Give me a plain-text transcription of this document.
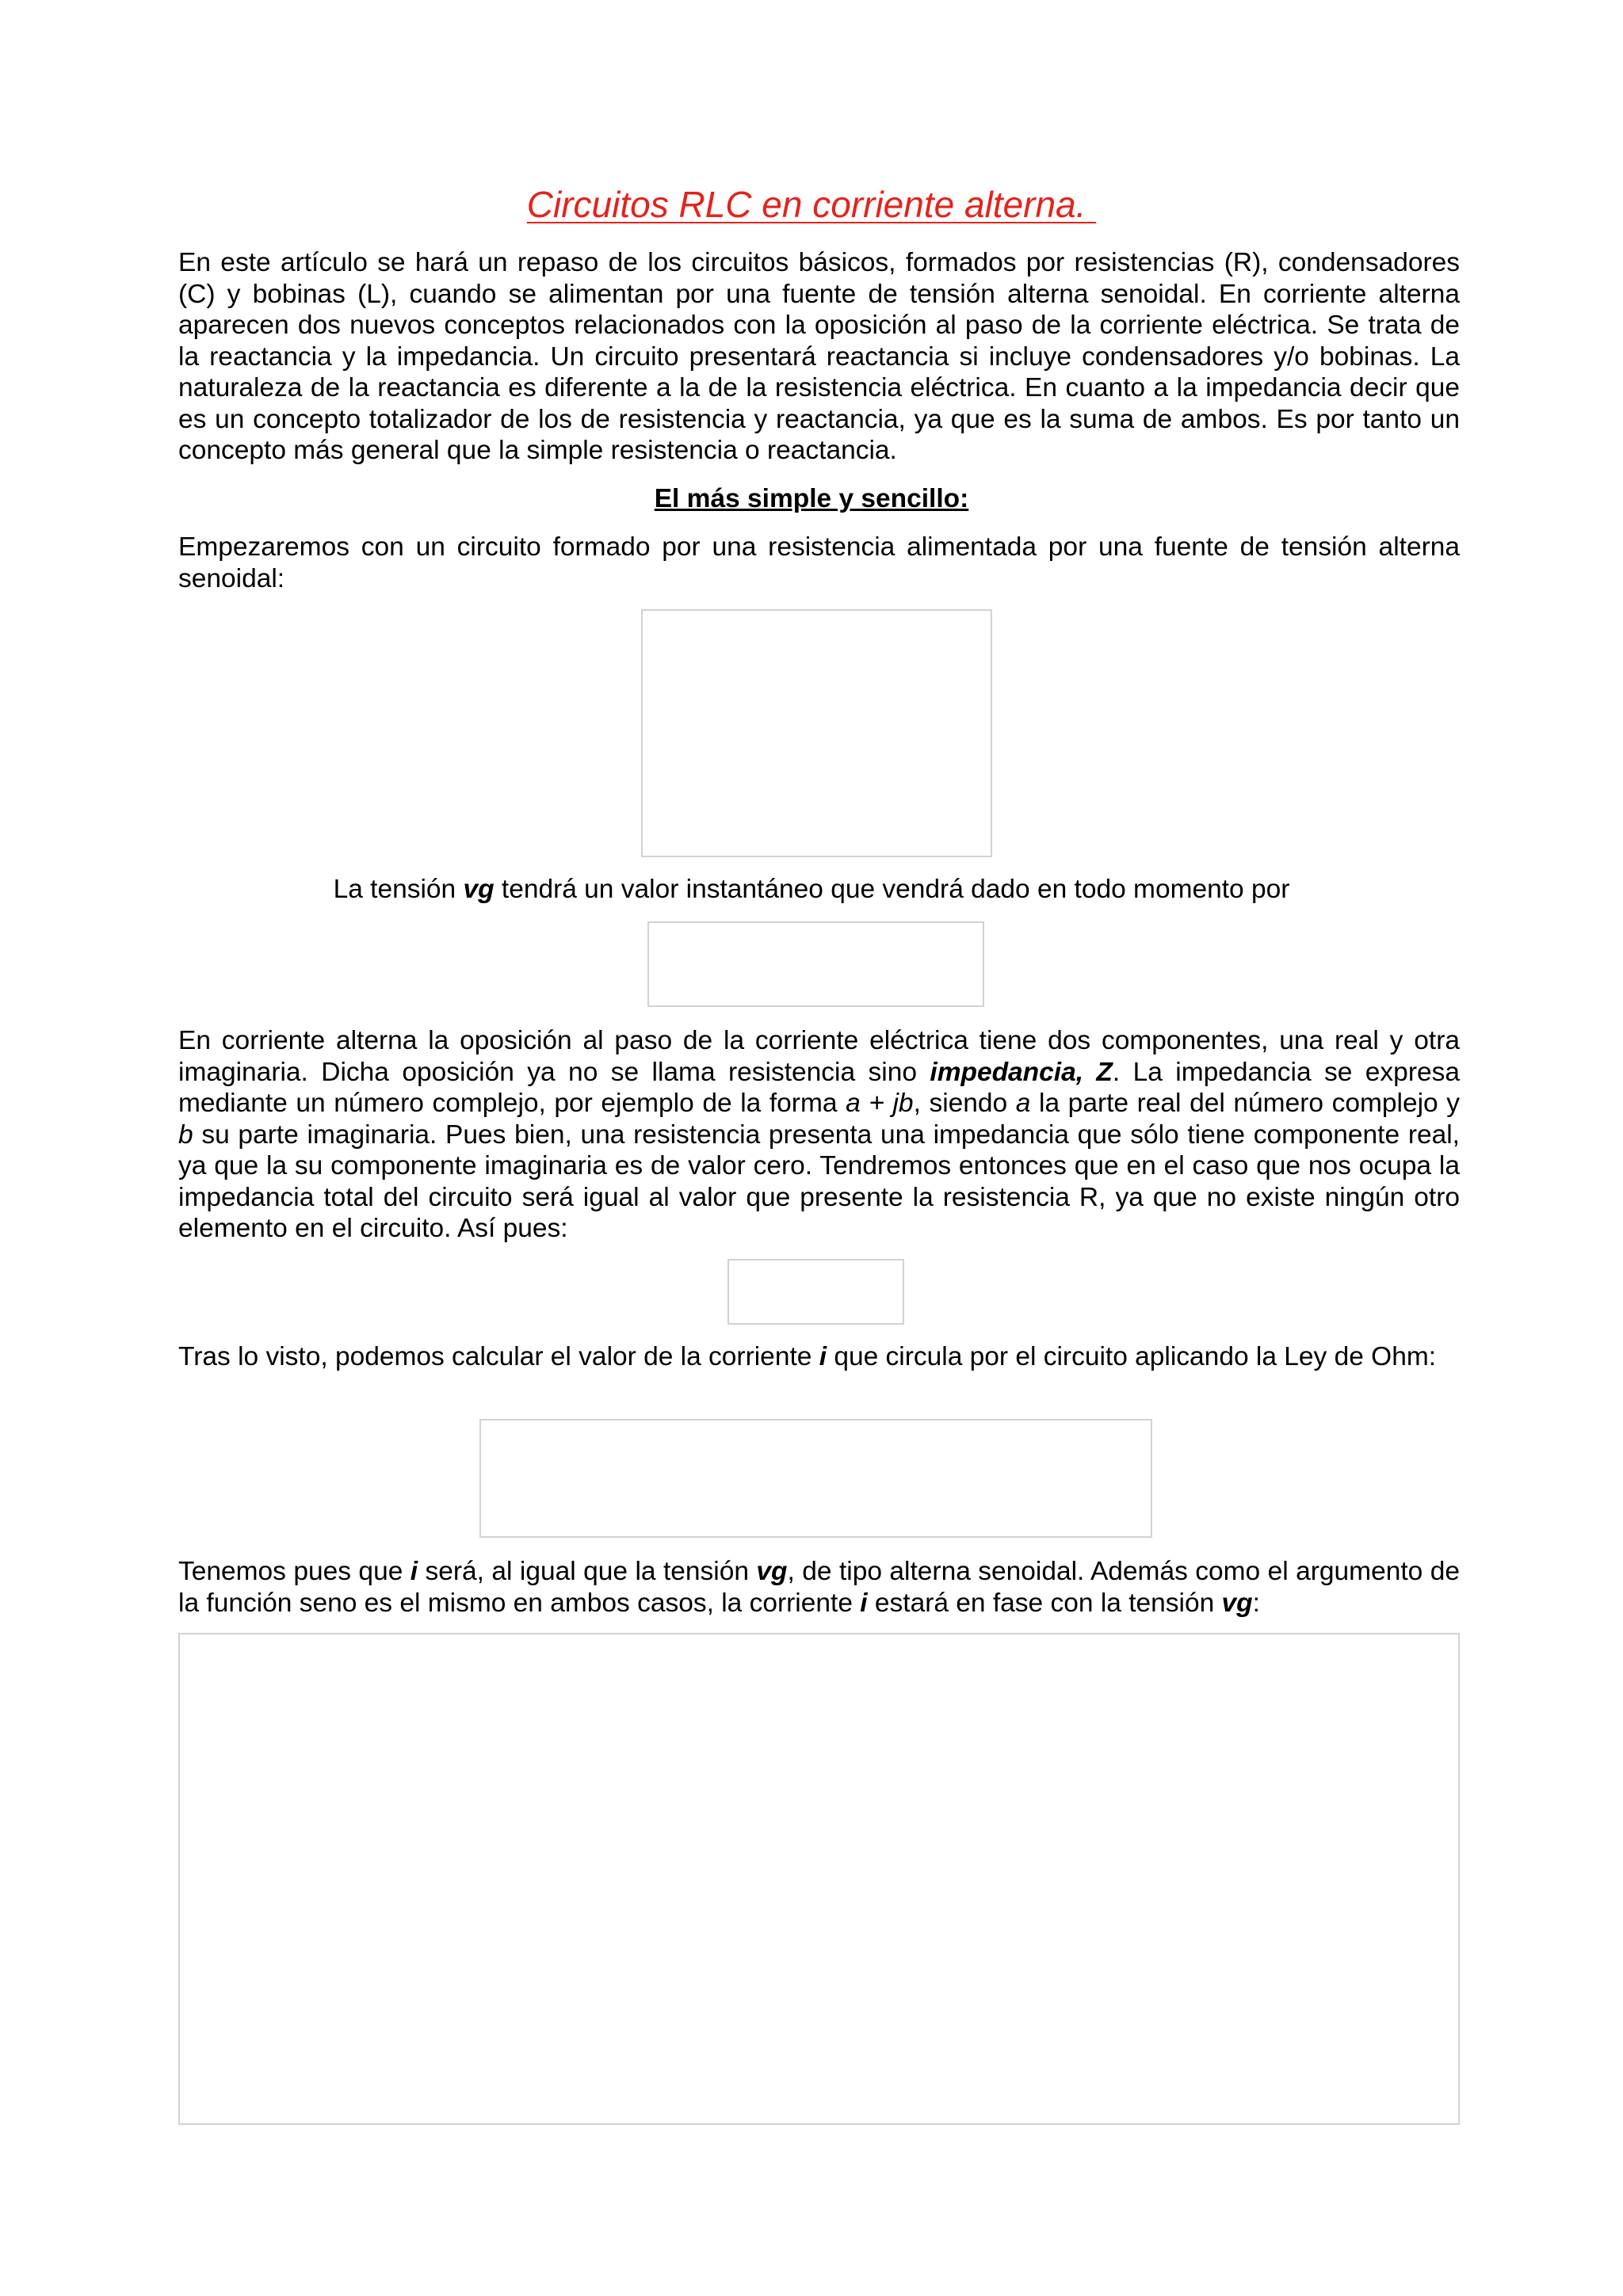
Circuitos RLC en corriente alterna.
En este artículo se hará un repaso de los circuitos básicos, formados por resistencias (R), condensadores (C) y bobinas (L), cuando se alimentan por una fuente de tensión alterna senoidal. En corriente alterna aparecen dos nuevos conceptos relacionados con la oposición al paso de la corriente eléctrica. Se trata de la reactancia y la impedancia. Un circuito presentará reactancia si incluye condensadores y/o bobinas. La naturaleza de la reactancia es diferente a la de la resistencia eléctrica. En cuanto a la impedancia decir que es un concepto totalizador de los de resistencia y reactancia, ya que es la suma de ambos. Es por tanto un concepto más general que la simple resistencia o reactancia.
El más simple y sencillo:
Empezaremos con un circuito formado por una resistencia alimentada por una fuente de tensión alterna senoidal:
La tensión vg tendrá un valor instantáneo que vendrá dado en todo momento por
En corriente alterna la oposición al paso de la corriente eléctrica tiene dos componentes, una real y otra imaginaria. Dicha oposición ya no se llama resistencia sino impedancia, Z. La impedancia se expresa mediante un número complejo, por ejemplo de la forma a + jb, siendo a la parte real del número complejo y b su parte imaginaria. Pues bien, una resistencia presenta una impedancia que sólo tiene componente real, ya que la su componente imaginaria es de valor cero. Tendremos entonces que en el caso que nos ocupa la impedancia total del circuito será igual al valor que presente la resistencia R, ya que no existe ningún otro elemento en el circuito. Así pues:
Tras lo visto, podemos calcular el valor de la corriente i que circula por el circuito aplicando la Ley de Ohm:
Tenemos pues que i será, al igual que la tensión vg, de tipo alterna senoidal. Además como el argumento de la función seno es el mismo en ambos casos, la corriente i estará en fase con la tensión vg:
